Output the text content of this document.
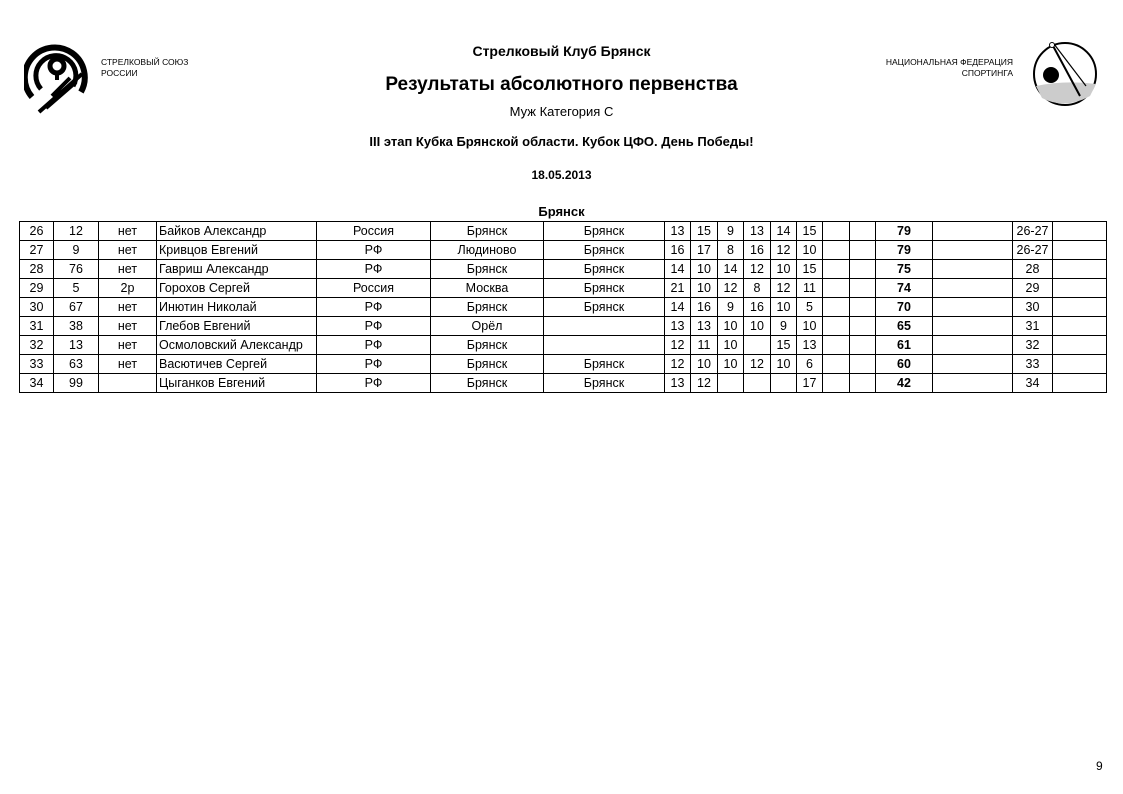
СТРЕЛКОВЫЙ СОЮЗ
РОССИИ
НАЦИОНАЛЬНАЯ ФЕДЕРАЦИЯ
СПОРТИНГА
Стрелковый Клуб Брянск
Результаты абсолютного первенства
Муж Категория С
III этап Кубка Брянской области. Кубок ЦФО. День Победы!
18.05.2013
Брянск
26	12	нет	Байков Александр	Россия	Брянск	Брянск	13	15	9	13	14	15			79		26-27	
27	9	нет	Кривцов Евгений	РФ	Людиново	Брянск	16	17	8	16	12	10			79		26-27	
28	76	нет	Гавриш Александр	РФ	Брянск	Брянск	14	10	14	12	10	15			75		28	
29	5	2р	Горохов Сергей	Россия	Москва	Брянск	21	10	12	8	12	11			74		29	
30	67	нет	Инютин Николай	РФ	Брянск	Брянск	14	16	9	16	10	5			70		30	
31	38	нет	Глебов Евгений	РФ	Орёл		13	13	10	10	9	10			65		31	
32	13	нет	Осмоловский Александр	РФ	Брянск		12	11	10		15	13			61		32	
33	63	нет	Васютичев Сергей	РФ	Брянск	Брянск	12	10	10	12	10	6			60		33	
34	99		Цыганков Евгений	РФ	Брянск	Брянск	13	12				17			42		34	
9
